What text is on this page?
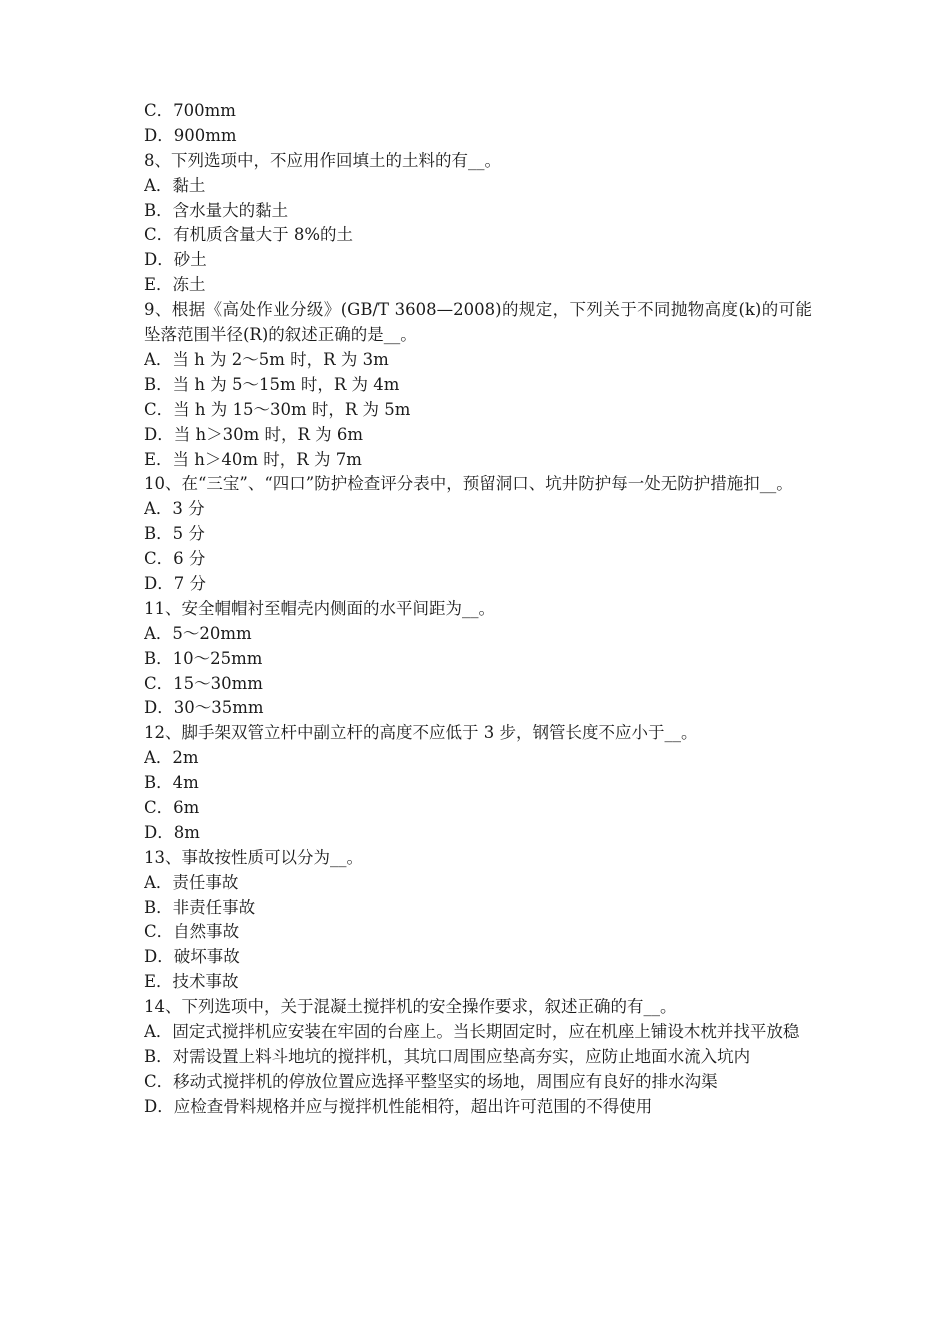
C．700mm
D．900mm
8、下列选项中，不应用作回填土的土料的有__。
A．黏土
B．含水量大的黏土
C．有机质含量大于 8%的土
D．砂土
E．冻土
9、根据《高处作业分级》(GB/T 3608—2008)的规定，下列关于不同抛物高度(k)的可能坠落范围半径(R)的叙述正确的是__。
A．当 h 为 2～5m 时，R 为 3m
B．当 h 为 5～15m 时，R 为 4m
C．当 h 为 15～30m 时，R 为 5m
D．当 h＞30m 时，R 为 6m
E．当 h＞40m 时，R 为 7m
10、在“三宝”、“四口”防护检查评分表中，预留洞口、坑井防护每一处无防护措施扣__。
A．3 分
B．5 分
C．6 分
D．7 分
11、安全帽帽衬至帽壳内侧面的水平间距为__。
A．5～20mm
B．10～25mm
C．15～30mm
D．30～35mm
12、脚手架双管立杆中副立杆的高度不应低于 3 步，钢管长度不应小于__。
A．2m
B．4m
C．6m
D．8m
13、事故按性质可以分为__。
A．责任事故
B．非责任事故
C．自然事故
D．破坏事故
E．技术事故
14、下列选项中，关于混凝土搅拌机的安全操作要求，叙述正确的有__。
A．固定式搅拌机应安装在牢固的台座上。当长期固定时，应在机座上铺设木枕并找平放稳
B．对需设置上料斗地坑的搅拌机，其坑口周围应垫高夯实，应防止地面水流入坑内
C．移动式搅拌机的停放位置应选择平整坚实的场地，周围应有良好的排水沟渠
D．应检查骨料规格并应与搅拌机性能相符，超出许可范围的不得使用
